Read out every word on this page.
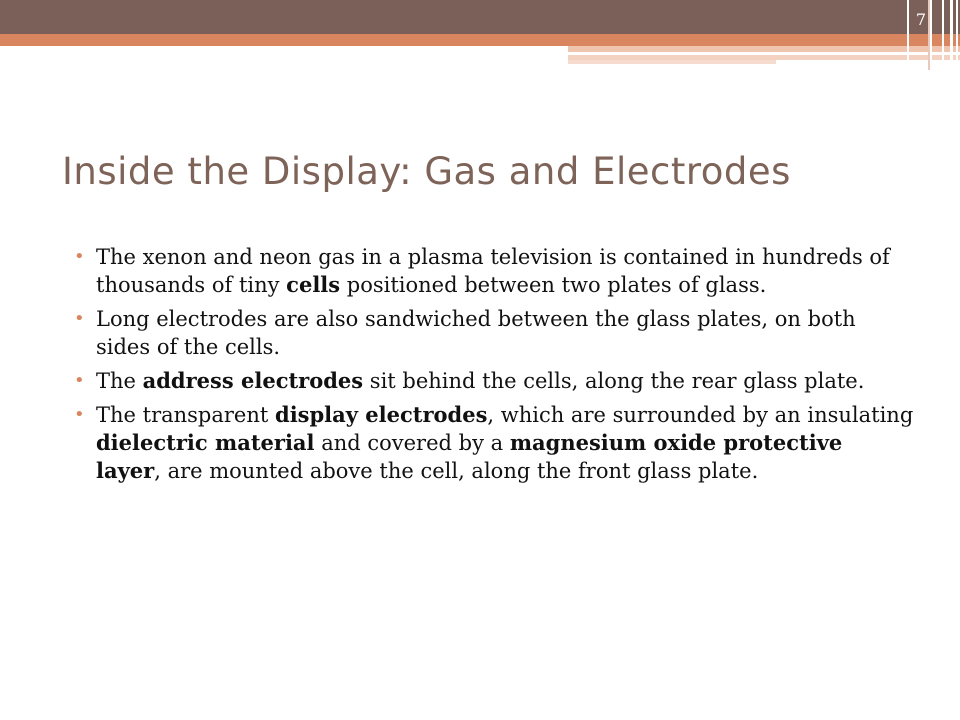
7
Inside the Display: Gas and Electrodes
• The xenon and neon gas in a plasma television is contained in hundreds of thousands of tiny cells positioned between two plates of glass.
• Long electrodes are also sandwiched between the glass plates, on both sides of the cells.
• The address electrodes sit behind the cells, along the rear glass plate.
• The transparent display electrodes, which are surrounded by an insulating dielectric material and covered by a magnesium oxide protective layer, are mounted above the cell, along the front glass plate.
